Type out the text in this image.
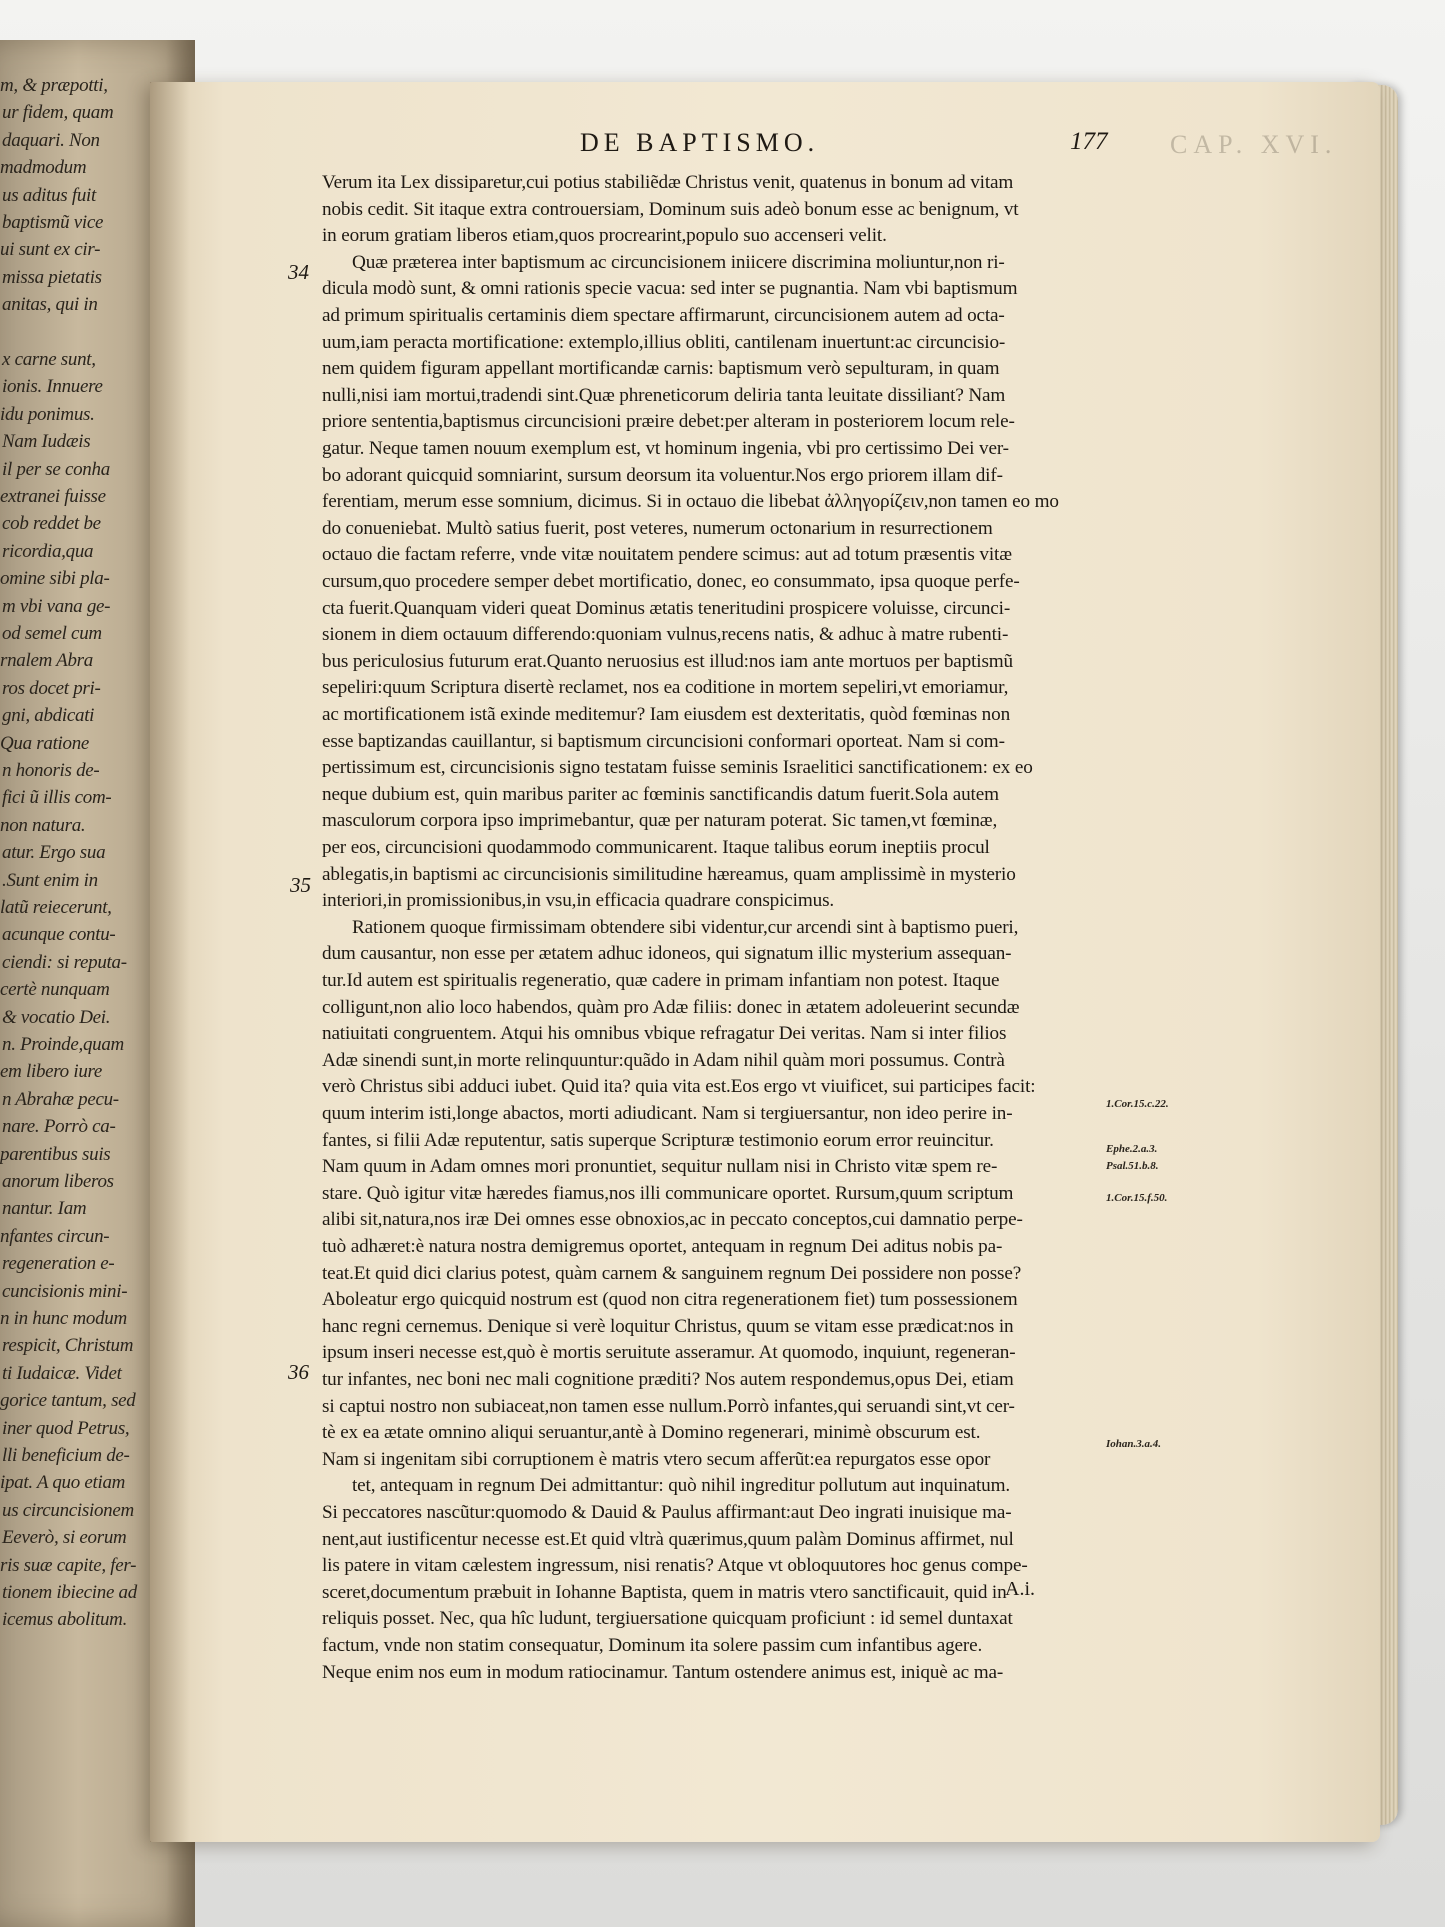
m, & præpotti,
ur fidem, quam
daquari. Non
madmodum
us aditus fuit
baptismũ vice
ui sunt ex cir-
missa pietatis
anitas, qui in
x carne sunt,
ionis. Innuere
idu ponimus.
Nam Iudæis
il per se conha
extranei fuisse
cob reddet be
ricordia,qua
omine sibi pla-
m vbi vana ge-
od semel cum
rnalem Abra
ros docet pri-
gni, abdicati
Qua ratione
n honoris de-
fici ũ illis com-
non natura.
atur. Ergo sua
.Sunt enim in
latũ reiecerunt,
acunque contu-
ciendi: si reputa-
certè nunquam
& vocatio Dei.
n. Proinde,quam
em libero iure
n Abrahæ pecu-
nare. Porrò ca-
parentibus suis
anorum liberos
nantur. Iam
nfantes circun-
regeneration e-
cuncisionis mini-
n in hunc modum
respicit, Christum
ti Iudaicæ. Videt
gorice tantum, sed
iner quod Petrus,
lli beneficium de-
ipat. A quo etiam
us circuncisionem
Eeverò, si eorum
ris suæ capite, fer-
tionem ibiecine ad
icemus abolitum.
DE BAPTISMO.	177 CAP. XVI.
34
35
36
1.Cor.15.c.22.
Ephe.2.a.3.
Psal.51.b.8.
1.Cor.15.f.50.
Iohan.3.a.4.
Verum ita Lex dissiparetur,cui potius stabiliẽdæ Christus venit, quatenus in bonum ad vitam
nobis cedit. Sit itaque extra controuersiam, Dominum suis adeò bonum esse ac benignum, vt
in eorum gratiam liberos etiam,quos procrearint,populo suo accenseri velit.
Quæ præterea inter baptismum ac circuncisionem iniicere discrimina moliuntur,non ri-
dicula modò sunt, & omni rationis specie vacua: sed inter se pugnantia. Nam vbi baptismum
ad primum spiritualis certaminis diem spectare affirmarunt, circuncisionem autem ad octa-
uum,iam peracta mortificatione: extemplo,illius obliti, cantilenam inuertunt:ac circuncisio-
nem quidem figuram appellant mortificandæ carnis: baptismum verò sepulturam, in quam
nulli,nisi iam mortui,tradendi sint.Quæ phreneticorum deliria tanta leuitate dissiliant? Nam
priore sententia,baptismus circuncisioni præire debet:per alteram in posteriorem locum rele-
gatur. Neque tamen nouum exemplum est, vt hominum ingenia, vbi pro certissimo Dei ver-
bo adorant quicquid somniarint, sursum deorsum ita voluentur.Nos ergo priorem illam dif-
ferentiam, merum esse somnium, dicimus. Si in octauo die libebat ἀλληγορίζειν,non tamen eo mo
do conueniebat. Multò satius fuerit, post veteres, numerum octonarium in resurrectionem
octauo die factam referre, vnde vitæ nouitatem pendere scimus: aut ad totum præsentis vitæ
cursum,quo procedere semper debet mortificatio, donec, eo consummato, ipsa quoque perfe-
cta fuerit.Quanquam videri queat Dominus ætatis teneritudini prospicere voluisse, circunci-
sionem in diem octauum differendo:quoniam vulnus,recens natis, & adhuc à matre rubenti-
bus periculosius futurum erat.Quanto neruosius est illud:nos iam ante mortuos per baptismũ
sepeliri:quum Scriptura disertè reclamet, nos ea coditione in mortem sepeliri,vt emoriamur,
ac mortificationem istã exinde meditemur? Iam eiusdem est dexteritatis, quòd fœminas non
esse baptizandas cauillantur, si baptismum circuncisioni conformari oporteat. Nam si com-
pertissimum est, circuncisionis signo testatam fuisse seminis Israelitici sanctificationem: ex eo
neque dubium est, quin maribus pariter ac fœminis sanctificandis datum fuerit.Sola autem
masculorum corpora ipso imprimebantur, quæ per naturam poterat. Sic tamen,vt fœminæ,
per eos, circuncisioni quodammodo communicarent. Itaque talibus eorum ineptiis procul
ablegatis,in baptismi ac circuncisionis similitudine hæreamus, quam amplissimè in mysterio
interiori,in promissionibus,in vsu,in efficacia quadrare conspicimus.
Rationem quoque firmissimam obtendere sibi videntur,cur arcendi sint à baptismo pueri,
dum causantur, non esse per ætatem adhuc idoneos, qui signatum illic mysterium assequan-
tur.Id autem est spiritualis regeneratio, quæ cadere in primam infantiam non potest. Itaque
colligunt,non alio loco habendos, quàm pro Adæ filiis: donec in ætatem adoleuerint secundæ
natiuitati congruentem. Atqui his omnibus vbique refragatur Dei veritas. Nam si inter filios
Adæ sinendi sunt,in morte relinquuntur:quãdo in Adam nihil quàm mori possumus. Contrà
verò Christus sibi adduci iubet. Quid ita? quia vita est.Eos ergo vt viuificet, sui participes facit:
quum interim isti,longe abactos, morti adiudicant. Nam si tergiuersantur, non ideo perire in-
fantes, si filii Adæ reputentur, satis superque Scripturæ testimonio eorum error reuincitur.
Nam quum in Adam omnes mori pronuntiet, sequitur nullam nisi in Christo vitæ spem re-
stare. Quò igitur vitæ hæredes fiamus,nos illi communicare oportet. Rursum,quum scriptum
alibi sit,natura,nos iræ Dei omnes esse obnoxios,ac in peccato conceptos,cui damnatio perpe-
tuò adhæret:è natura nostra demigremus oportet, antequam in regnum Dei aditus nobis pa-
teat.Et quid dici clarius potest, quàm carnem & sanguinem regnum Dei possidere non posse?
Aboleatur ergo quicquid nostrum est (quod non citra regenerationem fiet) tum possessionem
hanc regni cernemus. Denique si verè loquitur Christus, quum se vitam esse prædicat:nos in
ipsum inseri necesse est,quò è mortis seruitute asseramur. At quomodo, inquiunt, regeneran-
tur infantes, nec boni nec mali cognitione præditi? Nos autem respondemus,opus Dei, etiam
si captui nostro non subiaceat,non tamen esse nullum.Porrò infantes,qui seruandi sint,vt cer-
tè ex ea ætate omnino aliqui seruantur,antè à Domino regenerari, minimè obscurum est.
Nam si ingenitam sibi corruptionem è matris vtero secum afferũt:ea repurgatos esse opor
tet, antequam in regnum Dei admittantur: quò nihil ingreditur pollutum aut inquinatum.
Si peccatores nascũtur:quomodo & Dauid & Paulus affirmant:aut Deo ingrati inuisique ma-
nent,aut iustificentur necesse est.Et quid vltrà quærimus,quum palàm Dominus affirmet, nul
lis patere in vitam cælestem ingressum, nisi renatis? Atque vt obloquutores hoc genus compe-
sceret,documentum præbuit in Iohanne Baptista, quem in matris vtero sanctificauit, quid in
reliquis posset. Nec, qua hîc ludunt, tergiuersatione quicquam proficiunt : id semel duntaxat
factum, vnde non statim consequatur, Dominum ita solere passim cum infantibus agere.
Neque enim nos eum in modum ratiocinamur. Tantum ostendere animus est, iniquè ac ma-
A.i.
